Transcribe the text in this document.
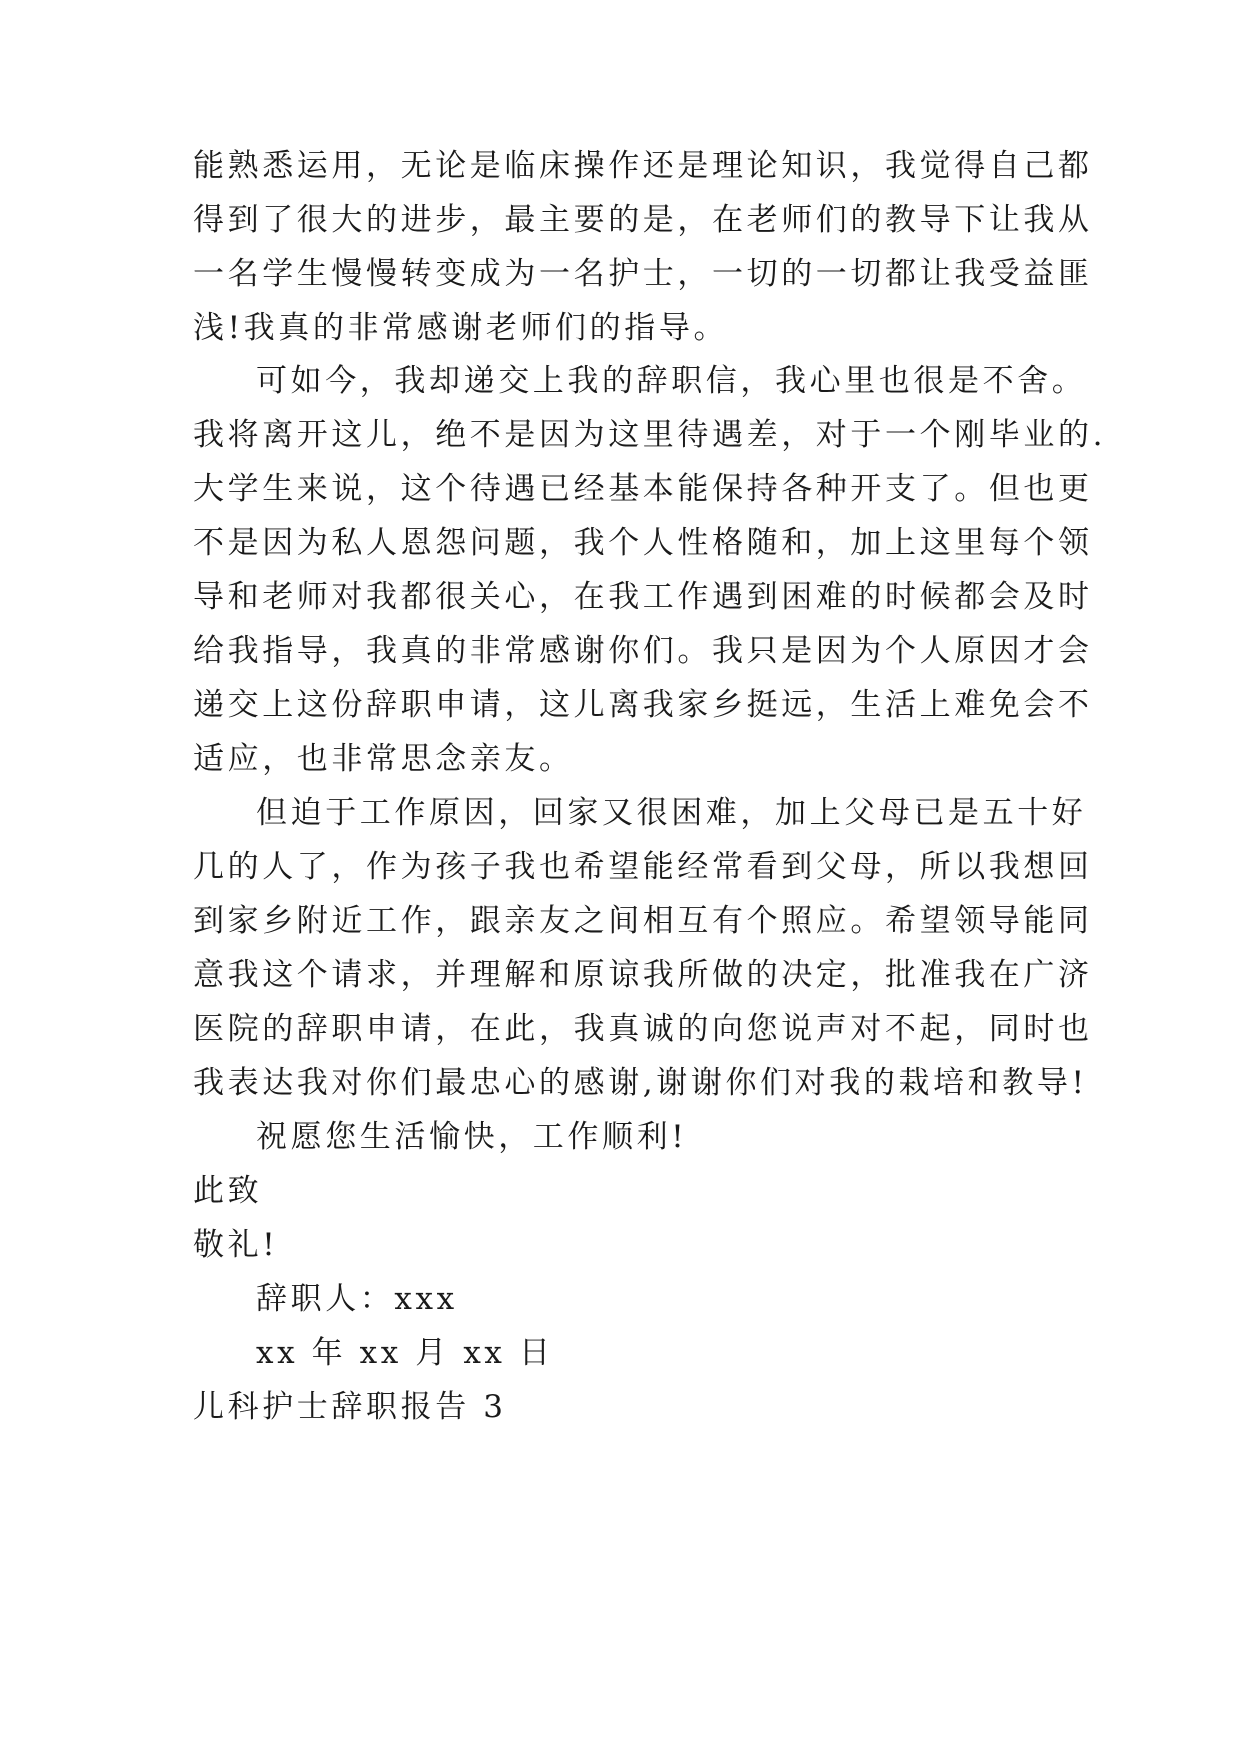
能熟悉运用，无论是临床操作还是理论知识，我觉得自己都

得到了很大的进步，最主要的是，在老师们的教导下让我从

一名学生慢慢转变成为一名护士，一切的一切都让我受益匪

浅!我真的非常感谢老师们的指导。

可如今，我却递交上我的辞职信，我心里也很是不舍。

我将离开这儿，绝不是因为这里待遇差，对于一个刚毕业的.

大学生来说，这个待遇已经基本能保持各种开支了。但也更

不是因为私人恩怨问题，我个人性格随和，加上这里每个领

导和老师对我都很关心，在我工作遇到困难的时候都会及时

给我指导，我真的非常感谢你们。我只是因为个人原因才会

递交上这份辞职申请，这儿离我家乡挺远，生活上难免会不

适应，也非常思念亲友。

但迫于工作原因，回家又很困难，加上父母已是五十好

几的人了，作为孩子我也希望能经常看到父母，所以我想回

到家乡附近工作，跟亲友之间相互有个照应。希望领导能同

意我这个请求，并理解和原谅我所做的决定，批准我在广济

医院的辞职申请，在此，我真诚的向您说声对不起，同时也

我表达我对你们最忠心的感谢,谢谢你们对我的栽培和教导!

祝愿您生活愉快，工作顺利!

此致

敬礼!

辞职人：xxx

xx 年 xx 月 xx 日

儿科护士辞职报告 3
